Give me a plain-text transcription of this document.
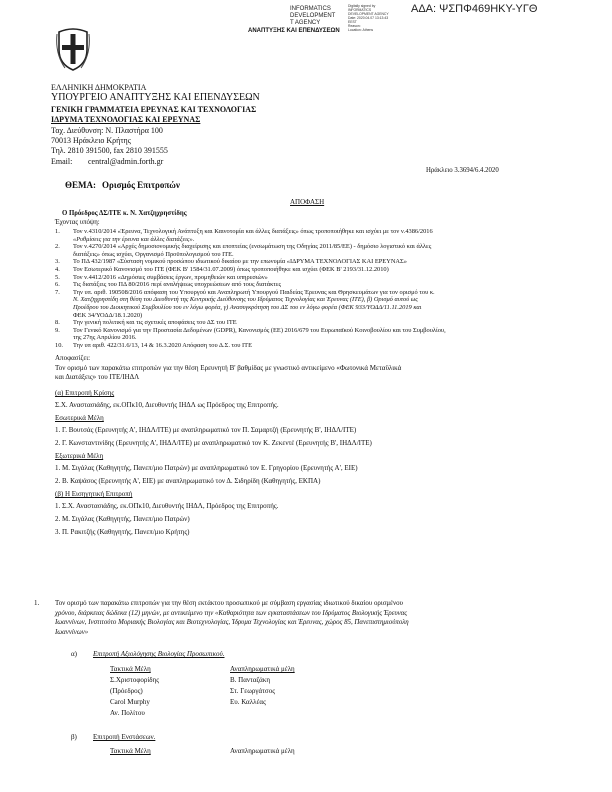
ΑΔΑ: ΨΣΠΦ469ΗΚΥ-ΥΓΘ
INFORMATICS
DEVELOPMENT
T AGENCY
Digitally signed by
INFORMATICS
DEVELOPMENT AGENCY
Date: 2020.04.07 13:13:43
EEST
Reason:
Location: Athens
ΑΝΑΠΤΥΞΗΣ ΚΑΙ ΕΠΕΝΔΥΣΕΩΝ
ΕΛΛΗΝΙΚΗ ΔΗΜΟΚΡΑΤΙΑ
ΥΠΟΥΡΓΕΙΟ ΑΝΑΠΤΥΞΗΣ ΚΑΙ ΕΠΕΝΔΥΣΕΩΝ
ΓΕΝΙΚΗ ΓΡΑΜΜΑΤΕΙΑ ΕΡΕΥΝΑΣ ΚΑΙ ΤΕΧΝΟΛΟΓΙΑΣ
ΙΔΡΥΜΑ ΤΕΧΝΟΛΟΓΙΑΣ ΚΑΙ ΕΡΕΥΝΑΣ
Ταχ. Διεύθυνση: Ν. Πλαστήρα 100
70013 Ηράκλειο Κρήτης
Τηλ. 2810 391500, fax 2810 391555
Email: central@admin.forth.gr
ΘΕΜΑ: Ορισμός Επιτροπών
Ηράκλειο 3.3694/6.4.2020
ΑΠΟΦΑΣΗ
Ο Πρόεδρος ΔΣ/ΙΤΕ κ. Ν. Χατζηχρηστίδης
Έχοντας υπόψη:
1. Τον ν.4310/2014 «Έρευνα, Τεχνολογική Ανάπτυξη και Καινοτομία και άλλες διατάξεις» όπως τροποποιήθηκε και ισχύει με τον ν.4386/2016
«Ρυθμίσεις για την έρευνα και άλλες διατάξεις».
2. Τον ν.4270/2014 «Αρχές δημοσιονομικής διαχείρισης και εποπτείας (ενσωμάτωση της Οδηγίας 2011/85/ΕΕ) - δημόσιο λογιστικό και άλλες
διατάξεις» όπως ισχύει, Οργανισμό Προϋπολογισμού του ΙΤΕ.
3. Το ΠΔ 432/1987 «Σύσταση νομικού προσώπου ιδιωτικού δικαίου με την επωνυμία «ΙΔΡΥΜΑ ΤΕΧΝΟΛΟΓΙΑΣ ΚΑΙ ΕΡΕΥΝΑΣ»
4. Τον Εσωτερικό Κανονισμό του ΙΤΕ (ΦΕΚ Β' 1584/31.07.2009) όπως τροποποιήθηκε και ισχύει (ΦΕΚ Β' 2193/31.12.2010)
5. Τον ν.4412/2016 «Δημόσιες συμβάσεις έργων, προμηθειών και υπηρεσιών»
6. Τις διατάξεις του ΠΔ 80/2016 περί αναλήψεως υποχρεώσεων από τους διατάκτες
7. Την υπ. αριθ. 190508/2016 απόφαση του Υπουργού και Αναπληρωτή Υπουργού Παιδείας Έρευνας και Θρησκευμάτων για τον ορισμό του κ.
Ν. Χατζηχρηστίδη στη θέση του Διευθυντή της Κεντρικής Διεύθυνσης του Ιδρύματος Τεχνολογίας και Έρευνας (ΙΤΕ), β) Ορισμό αυτού ως
Προέδρου του Διοικητικού Συμβουλίου του εν λόγω φορέα, γ) Ανασυγκρότηση του ΔΣ του εν λόγω φορέα (ΦΕΚ 933/ΥΟΔΔ/11.11.2019 και
ΦΕΚ 34/ΥΟΔΔ/18.1.2020)
8. Την γενική πολιτική και τις σχετικές αποφάσεις του ΔΣ του ΙΤΕ
9. Τον Γενικό Κανονισμό για την Προστασία Δεδομένων (GDPR), Κανονισμός (ΕΕ) 2016/679 του Ευρωπαϊκού Κοινοβουλίου και του Συμβουλίου,
της 27ης Απριλίου 2016.
10. Την υπ αριθ. 422/31.6/13, 14 & 16.3.2020 Απόφαση του Δ.Σ. του ΙΤΕ
Αποφασίζει:
Τον ορισμό των παρακάτω επιτροπών για την θέση Ερευνητή Β' βαθμίδας με γνωστικό αντικείμενο «Φωτονικά Μεταϋλικά
και Διατάξεις» του ΙΤΕ/ΙΗΔΛ
(α) Επιτροπή Κρίσης
Σ.Χ. Αναστασιάδης, εκ.ΟΠκ10, Διευθυντής ΙΗΔΛ ως Πρόεδρος της Επιτροπής.
Εσωτερικά Μέλη
1. Γ. Βουτσάς (Ερευνητής Α', ΙΗΔΛ/ΙΤΕ) με αναπληρωματικό τον Π. Σαμαρτζή (Ερευνητής Β', ΙΗΔΛ/ΙΤΕ)
2. Γ. Κωνσταντινίδης (Ερευνητής Α', ΙΗΔΛ/ΙΤΕ) με αναπληρωματικό τον Κ. Ζεκεντέ (Ερευνητής Β', ΙΗΔΛ/ΙΤΕ)
Εξωτερικά Μέλη
1. Μ. Σιγάλας (Καθηγητής, Πανεπ/μιο Πατρών) με αναπληρωματικό τον Ε. Γρηγορίου (Ερευνητής Α', ΕΙΕ)
2. Β. Καψάσος (Ερευνητής Α', ΕΙΕ) με αναπληρωματικό τον Δ. Σιδηρίδη (Καθηγητής, ΕΚΠΑ)
(β) Η Εισηγητική Επιτροπή
1. Σ.Χ. Αναστασιάδης, εκ.ΟΠκ10, Διευθυντής ΙΗΔΛ, Πρόεδρος της Επιτροπής.
2. Μ. Σιγάλας (Καθηγητής, Πανεπ/μιο Πατρών)
3. Π. Ρακιτζής (Καθηγητής, Πανεπ/μιο Κρήτης)
1. Τον ορισμό των παρακάτω επιτροπών για την θέση εκτάκτου προσωπικού με σύμβαση εργασίας ιδιωτικού δικαίου ορισμένου
χρόνου, διάρκειας δώδεκα (12) μηνών, με αντικείμενο την «Καθαριότητα των εγκαταστάσεων του Ιδρύματος Βιολογικής Έρευνας
Ιωαννίνων, Ινστιτούτο Μοριακής Βιολογίας και Βιοτεχνολογίας, Ίδρυμα Τεχνολογίας και Έρευνας, χώρος 85, Πανεπιστημιούπολη
Ιωαννίνων»
α) Επιτροπή Αξιολόγησης Βιολογίας Προσωπικού.
Τακτικά Μέλη
Σ.Χριστοφορίδης
(Πρόεδρος)
Carol Murphy
Αν. Πολίτου
Αναπληρωματικά μέλη
Β. Πανταζάκη
Στ. Γεωργάτσος
Ευ. Καλλέας
β) Επιτροπή Ενστάσεων.
Τακτικά Μέλη	Αναπληρωματικά μέλη
